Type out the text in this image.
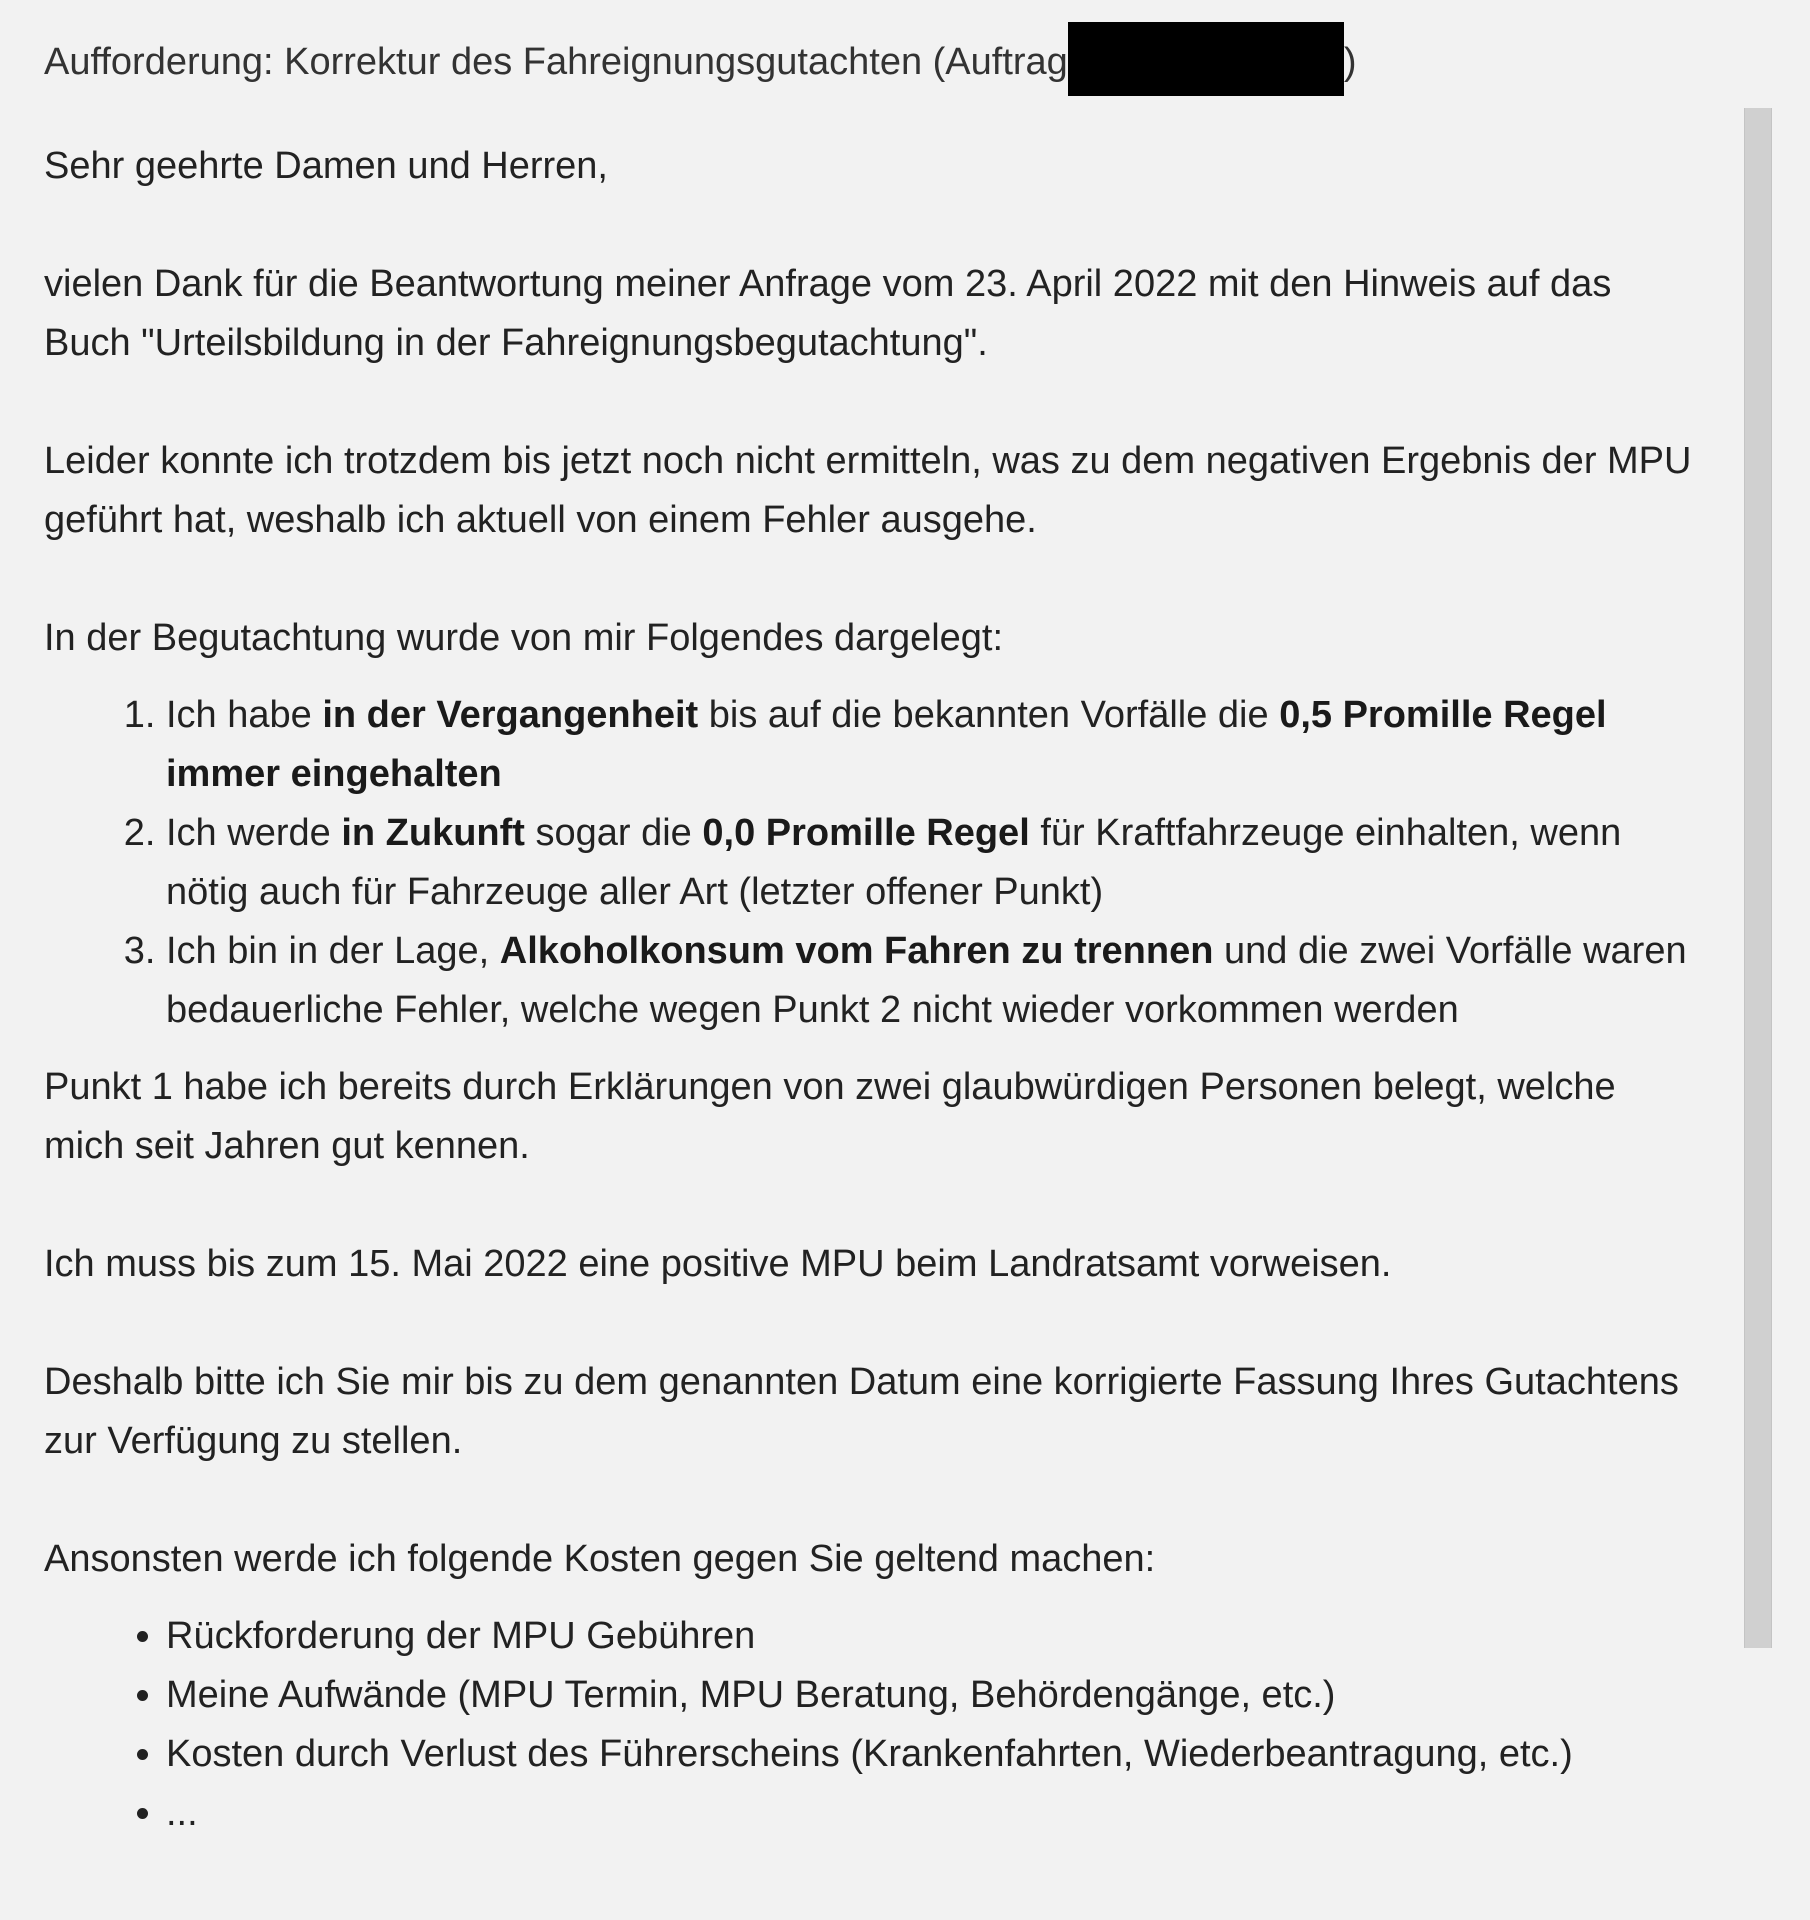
Aufforderung: Korrektur des Fahreignungsgutachten (Auftrag	)

Sehr geehrte Damen und Herren,

vielen Dank für die Beantwortung meiner Anfrage vom 23. April 2022 mit den Hinweis auf das Buch "Urteilsbildung in der Fahreignungsbegutachtung".

Leider konnte ich trotzdem bis jetzt noch nicht ermitteln, was zu dem negativen Ergebnis der MPU geführt hat, weshalb ich aktuell von einem Fehler ausgehe.

In der Begutachtung wurde von mir Folgendes dargelegt:

1. Ich habe in der Vergangenheit bis auf die bekannten Vorfälle die 0,5 Promille Regel immer eingehalten
2. Ich werde in Zukunft sogar die 0,0 Promille Regel für Kraftfahrzeuge einhalten, wenn nötig auch für Fahrzeuge aller Art (letzter offener Punkt)
3. Ich bin in der Lage, Alkoholkonsum vom Fahren zu trennen und die zwei Vorfälle waren bedauerliche Fehler, welche wegen Punkt 2 nicht wieder vorkommen werden

Punkt 1 habe ich bereits durch Erklärungen von zwei glaubwürdigen Personen belegt, welche mich seit Jahren gut kennen.

Ich muss bis zum 15. Mai 2022 eine positive MPU beim Landratsamt vorweisen.

Deshalb bitte ich Sie mir bis zu dem genannten Datum eine korrigierte Fassung Ihres Gutachtens zur Verfügung zu stellen.

Ansonsten werde ich folgende Kosten gegen Sie geltend machen:

• Rückforderung der MPU Gebühren
• Meine Aufwände (MPU Termin, MPU Beratung, Behördengänge, etc.)
• Kosten durch Verlust des Führerscheins (Krankenfahrten, Wiederbeantragung, etc.)
• ...
